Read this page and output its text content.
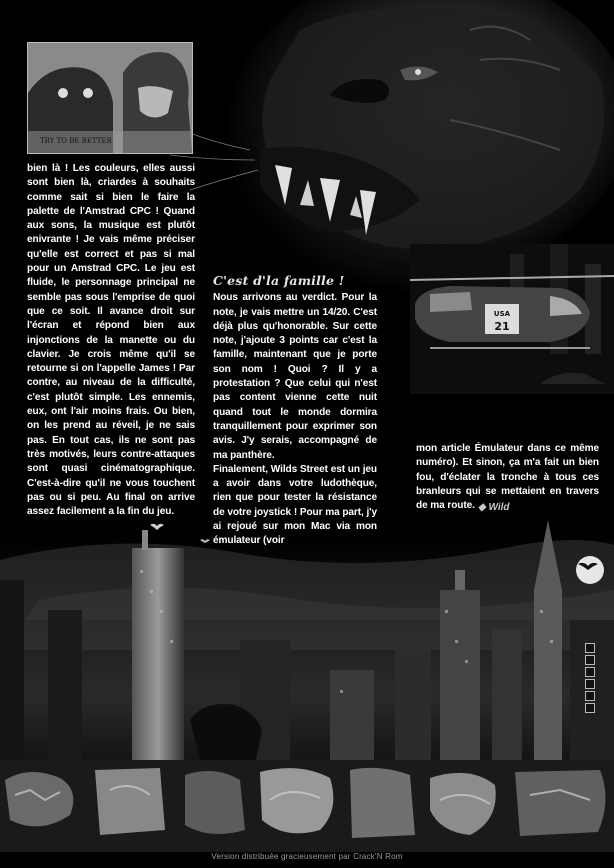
TRY TO BE BETTER
USA
21

bien là ! Les couleurs, elles aussi sont bien là, criardes à souhaits comme sait si bien le faire la palette de l'Amstrad CPC ! Quand aux sons, la musique est plutôt enivrante ! Je vais même préciser qu'elle est correct et pas si mal pour un Amstrad CPC. Le jeu est fluide, le personnage principal ne semble pas sous l'emprise de quoi que ce soit. Il avance droit sur l'écran et répond bien aux injonctions de la manette ou du clavier. Je crois même qu'il se retourne si on l'appelle James ! Par contre, au niveau de la difficulté, c'est plutôt simple. Les ennemis, eux, ont l'air moins frais. Ou bien, on les prend au réveil, je ne sais pas. En tout cas, ils ne sont pas très motivés, leurs contre-attaques sont quasi cinématographique. C'est-à-dire qu'il ne vous touchent pas ou si peu. Au final on arrive assez facilement a la fin du jeu.

C'est d'la famille !

Nous arrivons au verdict. Pour la note, je vais mettre un 14/20. C'est déjà plus qu'honorable. Sur cette note, j'ajoute 3 points car c'est la famille, maintenant que je porte son nom ! Quoi ? Il y a protestation ? Que celui qui n'est pas content vienne cette nuit quand tout le monde dormira tranquillement pour exprimer son avis. J'y serais, accompagné de ma panthère.

Finalement, Wilds Street est un jeu a avoir dans votre ludothèque, rien que pour tester la résistance de votre joystick ! Pour ma part, j'y ai rejoué sur mon Mac via mon émulateur (voir

mon article Émulateur dans ce même numéro). Et sinon, ça m'a fait un bien fou, d'éclater la tronche à tous ces branleurs qui se mettaient en travers de ma route. ◆ Wild
Version distribuée gracieusement par Crack'N Rom
